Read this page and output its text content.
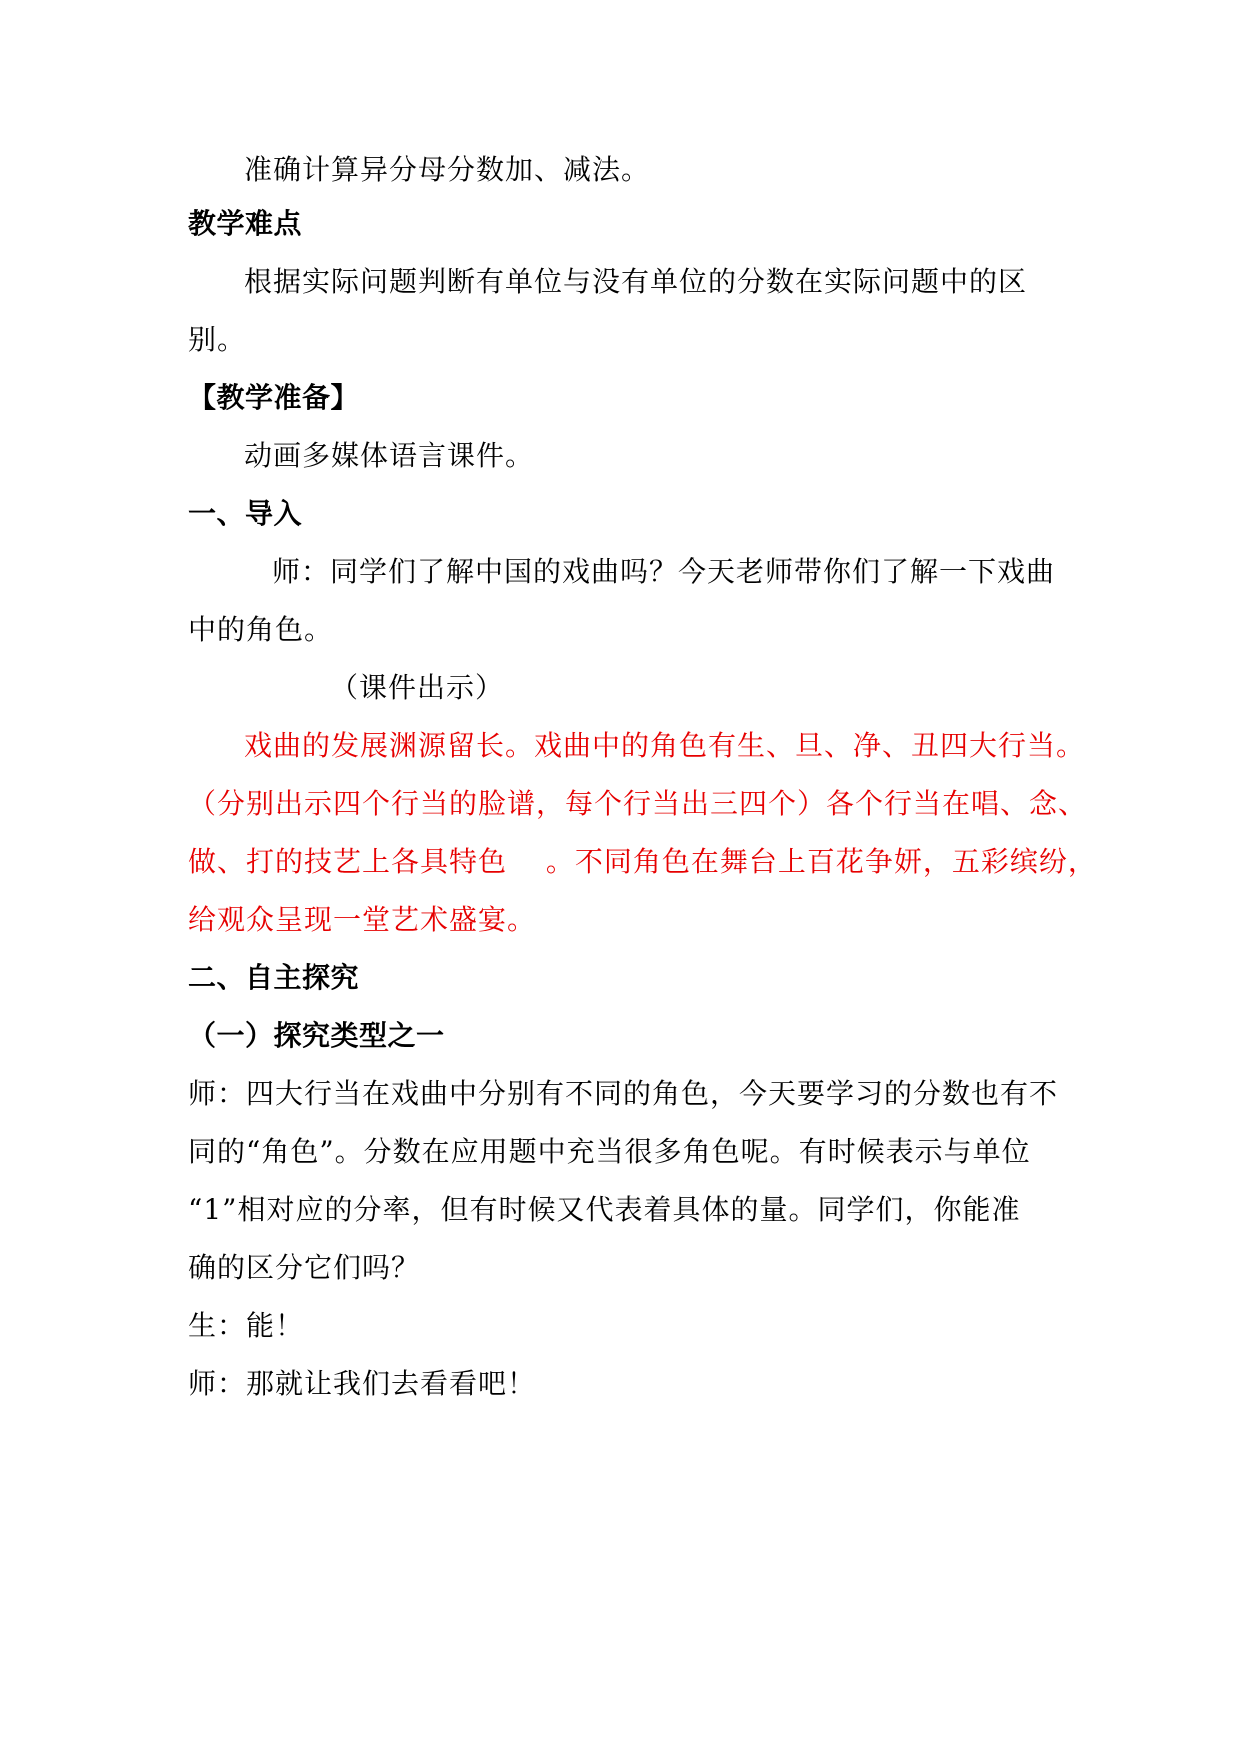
准确计算异分母分数加、减法。
教学难点
根据实际问题判断有单位与没有单位的分数在实际问题中的区
别。
【教学准备】
动画多媒体语言课件。
一、导入
师：同学们了解中国的戏曲吗？今天老师带你们了解一下戏曲
中的角色。
（课件出示）
戏曲的发展渊源留长。戏曲中的角色有生、旦、净、丑四大行当。
（分别出示四个行当的脸谱，每个行当出三四个）各个行当在唱、念、
做、打的技艺上各具特色 　。不同角色在舞台上百花争妍，五彩缤纷，
给观众呈现一堂艺术盛宴。
二、自主探究
（一）探究类型之一
师：四大行当在戏曲中分别有不同的角色，今天要学习的分数也有不
同的“角色”。分数在应用题中充当很多角色呢。有时候表示与单位
“1”相对应的分率，但有时候又代表着具体的量。同学们，你能准
确的区分它们吗？
生：能！
师：那就让我们去看看吧！
